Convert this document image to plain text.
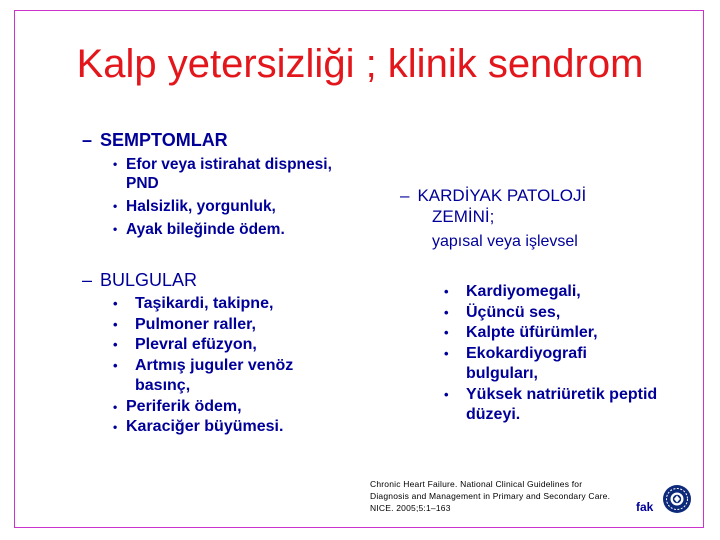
Kalp yetersizliği ; klinik sendrom
– SEMPTOMLAR
• Efor veya istirahat dispnesi, PND
• Halsizlik, yorgunluk,
• Ayak bileğinde ödem.
– BULGULAR
• Taşikardi, takipne,
• Pulmoner raller,
• Plevral efüzyon,
• Artmış juguler venöz basınç,
• Periferik ödem,
• Karaciğer büyümesi.
– KARDİYAK PATOLOJİ
ZEMİNİ;
yapısal veya işlevsel
• Kardiyomegali,
• Üçüncü ses,
• Kalpte üfürümler,
• Ekokardiyografi bulguları,
• Yüksek natriüretik peptid düzeyi.
Chronic Heart Failure. National Clinical Guidelines for
Diagnosis and Management in Primary and Secondary Care.
NICE. 2005;5:1–163	fak
